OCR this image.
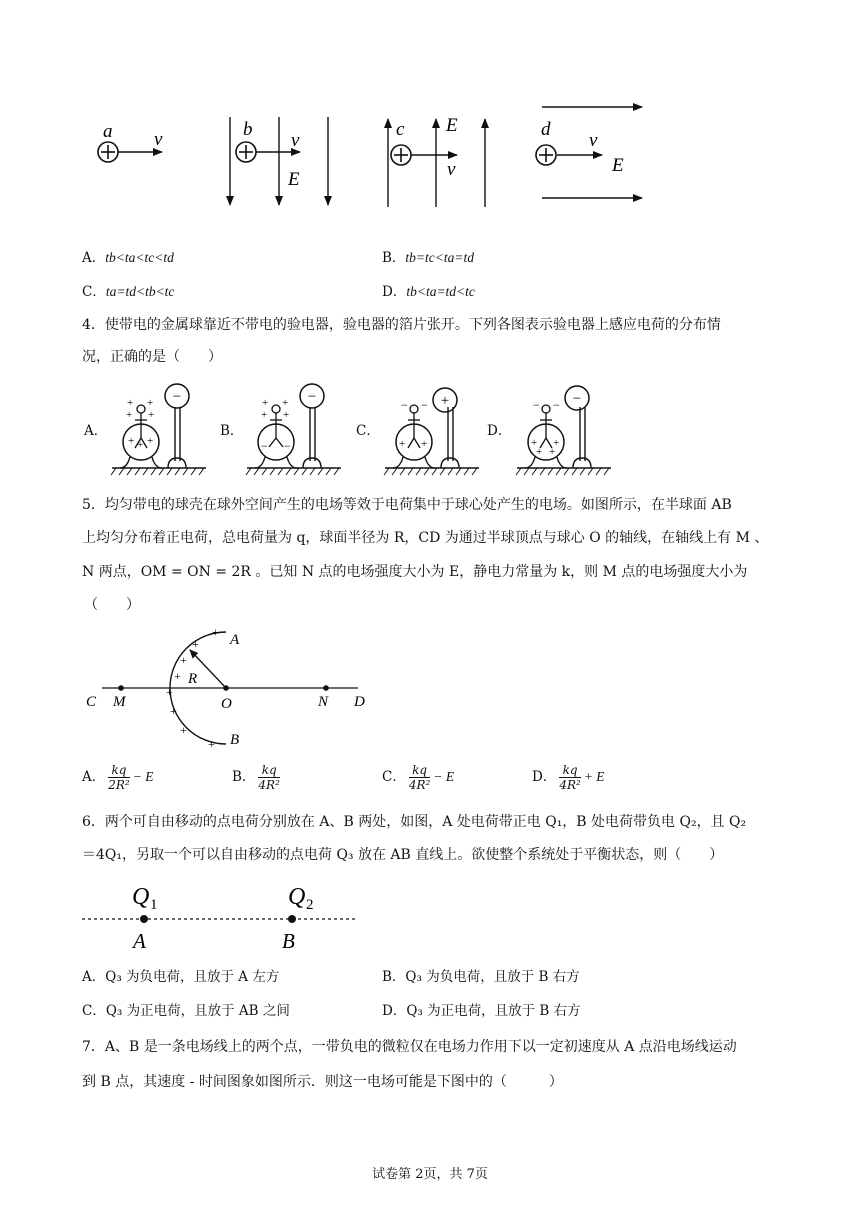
a v	b
v
E
c E
v
d
v
E
A．tb<ta<tc<td	B．tb=tc<ta=td
C．ta=td<tb<tc	D．tb<ta=td<tc
4．使带电的金属球靠近不带电的验电器，验电器的箔片张开。下列各图表示验电器上感应电荷的分布情
况，正确的是（　　）
A．	B．	C．	D．
+ +
+ +
+ + +
−	+ +
+ +
− −
−	− −
+ +
+	− −
+ +
+ +
−
5．均匀带电的球壳在球外空间产生的电场等效于电荷集中于球心处产生的电场。如图所示，在半球面 AB
上均匀分布着正电荷，总电荷量为 q，球面半径为 R，CD 为通过半球顶点与球心 O 的轴线，在轴线上有 M 、
N 两点，OM = ON = 2R 。已知 N 点的电场强度大小为 E，静电力常量为 k，则 M 点的电场强度大小为
（　　）
+
+
+
+
+
+
+
+
A
B
C	D
M	N
O
R
A． $\frac{kq}{\text{2R²}} - E$	B． $\frac{kq}{\text{4R²}}$	C． $\frac{kq}{\text{4R²}} - E$	D． $\frac{kq}{\text{4R²}} + E$
6．两个可自由移动的点电荷分别放在 A、B 两处，如图，A 处电荷带正电 Q₁，B 处电荷带负电 Q₂，且 Q₂
＝4Q₁，另取一个可以自由移动的点电荷 Q₃ 放在 AB 直线上。欲使整个系统处于平衡状态，则（　　）
Q 1	Q 2
A	B
A．Q₃ 为负电荷，且放于 A 左方	B．Q₃ 为负电荷，且放于 B 右方
C．Q₃ 为正电荷，且放于 AB 之间	D．Q₃ 为正电荷，且放于 B 右方
7．A、B 是一条电场线上的两个点，一带负电的微粒仅在电场力作用下以一定初速度从 A 点沿电场线运动
到 B 点，其速度 - 时间图象如图所示．则这一电场可能是下图中的（　　　）
试卷第 2页，共 7页
